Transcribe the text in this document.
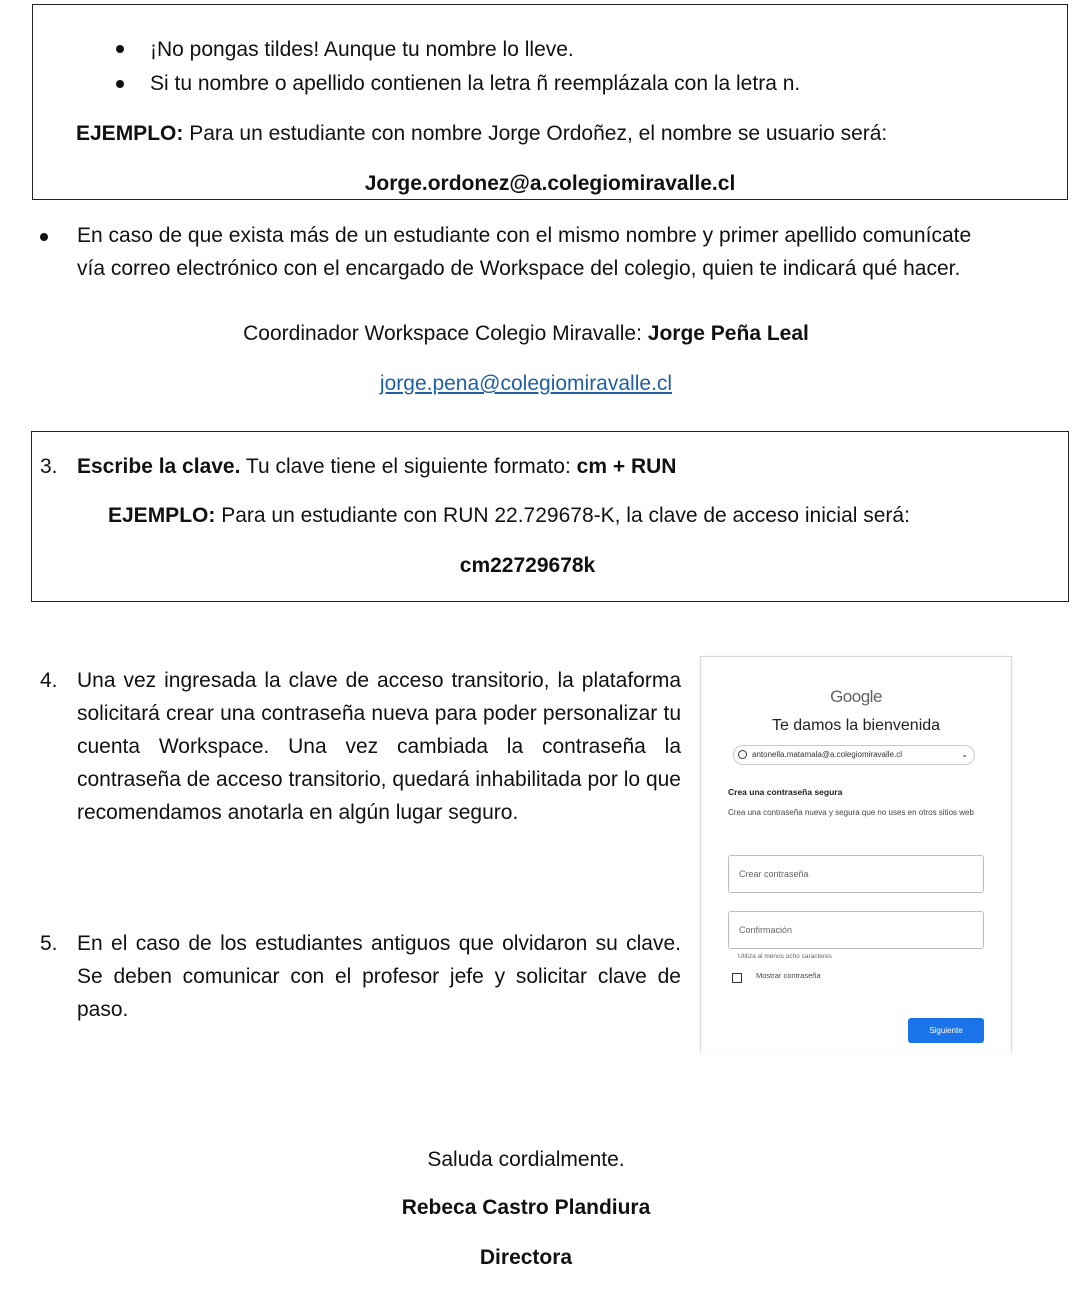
¡No pongas tildes! Aunque tu nombre lo lleve.
Si tu nombre o apellido contienen la letra ñ reemplázala con la letra n.
EJEMPLO: Para un estudiante con nombre Jorge Ordoñez, el nombre se usuario será:
Jorge.ordonez@a.colegiomiravalle.cl
En caso de que exista más de un estudiante con el mismo nombre y primer apellido comunícate
vía correo electrónico con el encargado de Workspace del colegio, quien te indicará qué hacer.
Coordinador Workspace Colegio Miravalle: Jorge Peña Leal
jorge.pena@colegiomiravalle.cl
3. Escribe la clave. Tu clave tiene el siguiente formato: cm + RUN
EJEMPLO: Para un estudiante con RUN 22.729678-K, la clave de acceso inicial será:
cm22729678k
4. Una vez ingresada la clave de acceso transitorio, la plataforma solicitará crear una contraseña nueva para poder personalizar tu cuenta Workspace. Una vez cambiada la contraseña la contraseña de acceso transitorio, quedará inhabilitada por lo que recomendamos anotarla en algún lugar seguro.
5. En el caso de los estudiantes antiguos que olvidaron su clave. Se deben comunicar con el profesor jefe y solicitar clave de paso.
Google
Te damos la bienvenida
antonella.matamala@a.colegiomiravalle.cl	⌄
Crea una contraseña segura
Crea una contraseña nueva y segura que no uses en otros sitios web
Crear contraseña
Confirmación
Utiliza al menos ocho caracteres
Mostrar contraseña
Siguiente
Saluda cordialmente.
Rebeca Castro Plandiura
Directora
